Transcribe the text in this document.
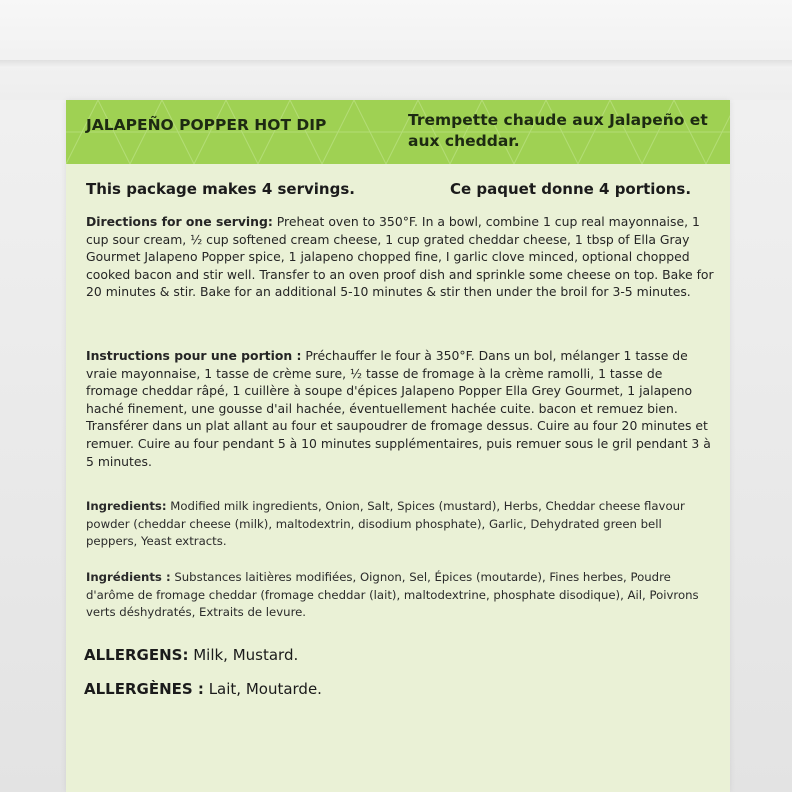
JALAPEÑO POPPER HOT DIP	Trempette chaude aux Jalapeño et aux cheddar.
This package makes 4 servings.	Ce paquet donne 4 portions.
Directions for one serving: Preheat oven to 350°F. In a bowl, combine 1 cup real mayonnaise, 1 cup sour cream, ½ cup softened cream cheese, 1 cup grated cheddar cheese, 1 tbsp of Ella Gray Gourmet Jalapeno Popper spice, 1 jalapeno chopped fine, I garlic clove minced, optional chopped cooked bacon and stir well. Transfer to an oven proof dish and sprinkle some cheese on top. Bake for 20 minutes & stir. Bake for an additional 5-10 minutes & stir then under the broil for 3-5 minutes.
Instructions pour une portion : Préchauffer le four à 350°F. Dans un bol, mélanger 1 tasse de vraie mayonnaise, 1 tasse de crème sure, ½ tasse de fromage à la crème ramolli, 1 tasse de fromage cheddar râpé, 1 cuillère à soupe d'épices Jalapeno Popper Ella Grey Gourmet, 1 jalapeno haché finement, une gousse d'ail hachée, éventuellement hachée cuite. bacon et remuez bien. Transférer dans un plat allant au four et saupoudrer de fromage dessus. Cuire au four 20 minutes et remuer. Cuire au four pendant 5 à 10 minutes supplémentaires, puis remuer sous le gril pendant 3 à 5 minutes.
Ingredients: Modified milk ingredients, Onion, Salt, Spices (mustard), Herbs, Cheddar cheese flavour powder (cheddar cheese (milk), maltodextrin, disodium phosphate), Garlic, Dehydrated green bell peppers, Yeast extracts.
Ingrédients : Substances laitières modifiées, Oignon, Sel, Épices (moutarde), Fines herbes, Poudre d'arôme de fromage cheddar (fromage cheddar (lait), maltodextrine, phosphate disodique), Ail, Poivrons verts déshydratés, Extraits de levure.
ALLERGENS: Milk, Mustard.
ALLERGÈNES : Lait, Moutarde.
